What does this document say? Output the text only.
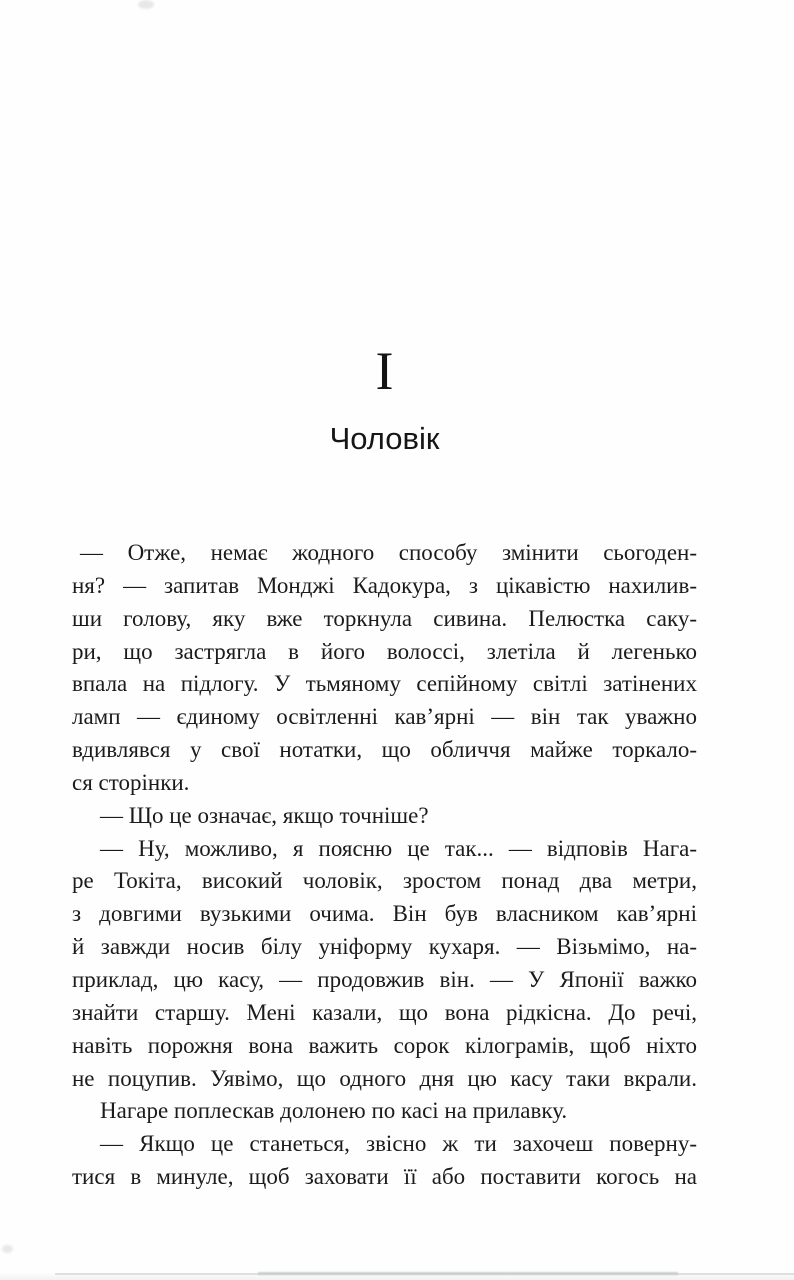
I
Чоловік
— Отже, немає жодного способу змінити сьогоден-
ня? — запитав Монджі Кадокура, з цікавістю нахилив-
ши голову, яку вже торкнула сивина. Пелюстка саку-
ри, що застрягла в його волоссі, злетіла й легенько
впала на підлогу. У тьмяному сепійному світлі затінених
ламп — єдиному освітленні кав’ярні — він так уважно
вдивлявся у свої нотатки, що обличчя майже торкало-
ся сторінки.
— Що це означає, якщо точніше?
— Ну, можливо, я поясню це так... — відповів Нага-
ре Токіта, високий чоловік, зростом понад два метри,
з довгими вузькими очима. Він був власником кав’ярні
й завжди носив білу уніформу кухаря. — Візьмімо, на-
приклад, цю касу, — продовжив він. — У Японії важко
знайти старшу. Мені казали, що вона рідкісна. До речі,
навіть порожня вона важить сорок кілограмів, щоб ніхто
не поцупив. Уявімо, що одного дня цю касу таки вкрали.
Нагаре поплескав долонею по касі на прилавку.
— Якщо це станеться, звісно ж ти захочеш поверну-
тися в минуле, щоб заховати її або поставити когось на
